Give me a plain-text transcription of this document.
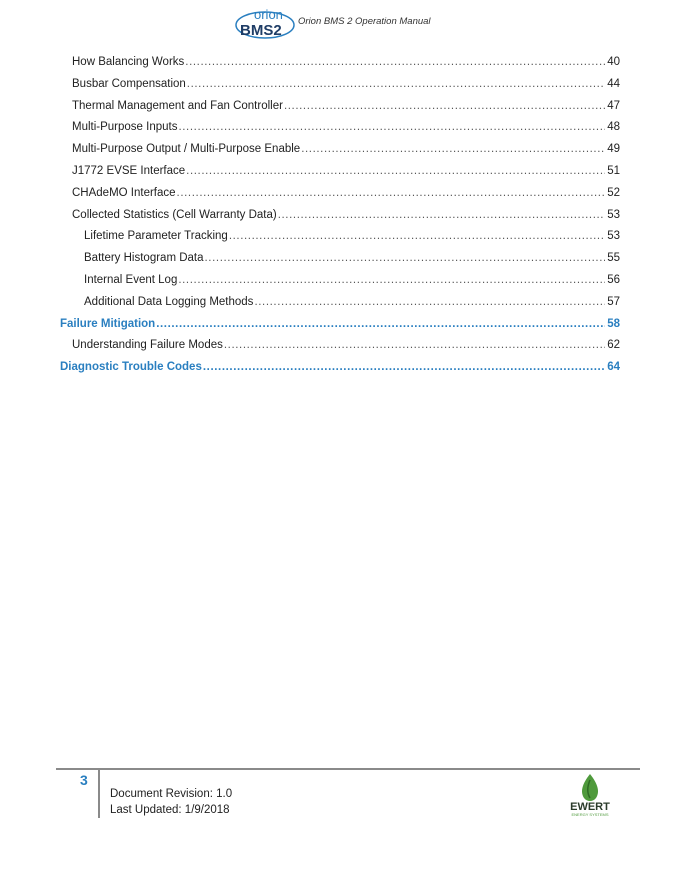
orion
BMS2
Orion BMS 2 Operation Manual
How Balancing Works .....	40
Busbar Compensation .....	44
Thermal Management and Fan Controller .....	47
Multi-Purpose Inputs .....	48
Multi-Purpose Output / Multi-Purpose Enable .....	49
J1772 EVSE Interface .....	51
CHAdeMO Interface .....	52
Collected Statistics (Cell Warranty Data) .....	53
Lifetime Parameter Tracking .....	53
Battery Histogram Data .....	55
Internal Event Log .....	56
Additional Data Logging Methods .....	57
Failure Mitigation .....	58
Understanding Failure Modes .....	62
Diagnostic Trouble Codes .....	64
3
Document Revision: 1.0
Last Updated: 1/9/2018	EWERT
ENERGY SYSTEMS
